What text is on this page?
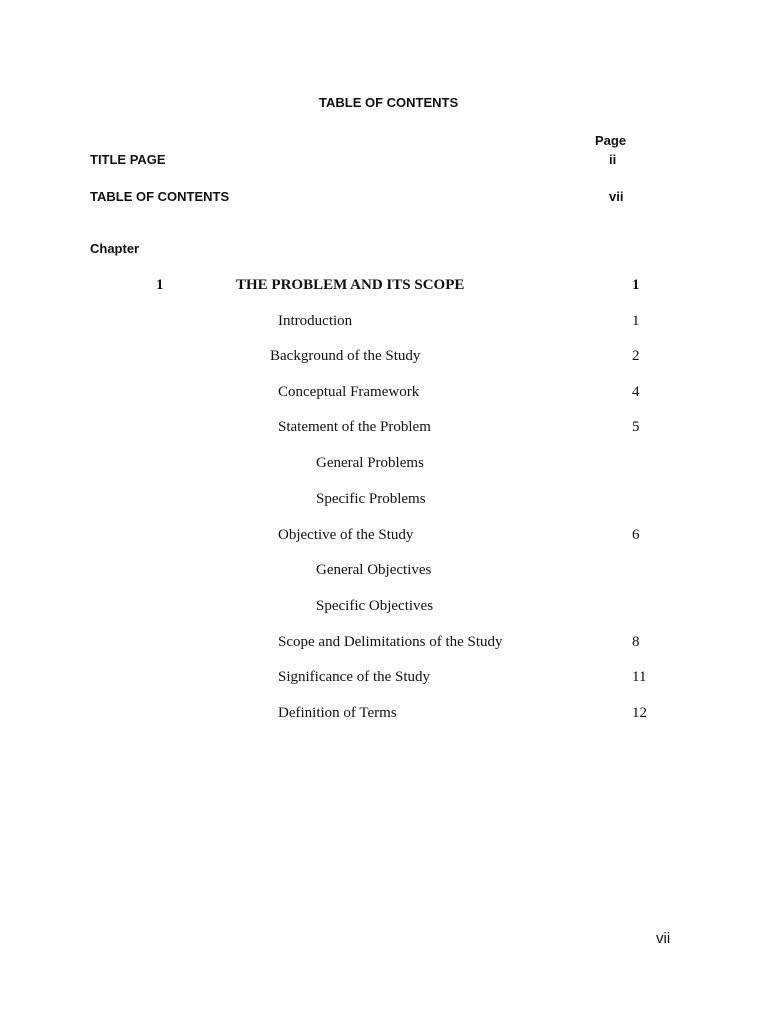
TABLE OF CONTENTS
Page
TITLE PAGE	ii
TABLE OF CONTENTS	vii
Chapter
1	THE PROBLEM AND ITS SCOPE	1
Introduction	1
Background of the Study	2
Conceptual Framework	4
Statement of the Problem	5
General Problems
Specific Problems
Objective of the Study	6
General Objectives
Specific Objectives
Scope and Delimitations of the Study	8
Significance of the Study	11
Definition of Terms	12
vii
